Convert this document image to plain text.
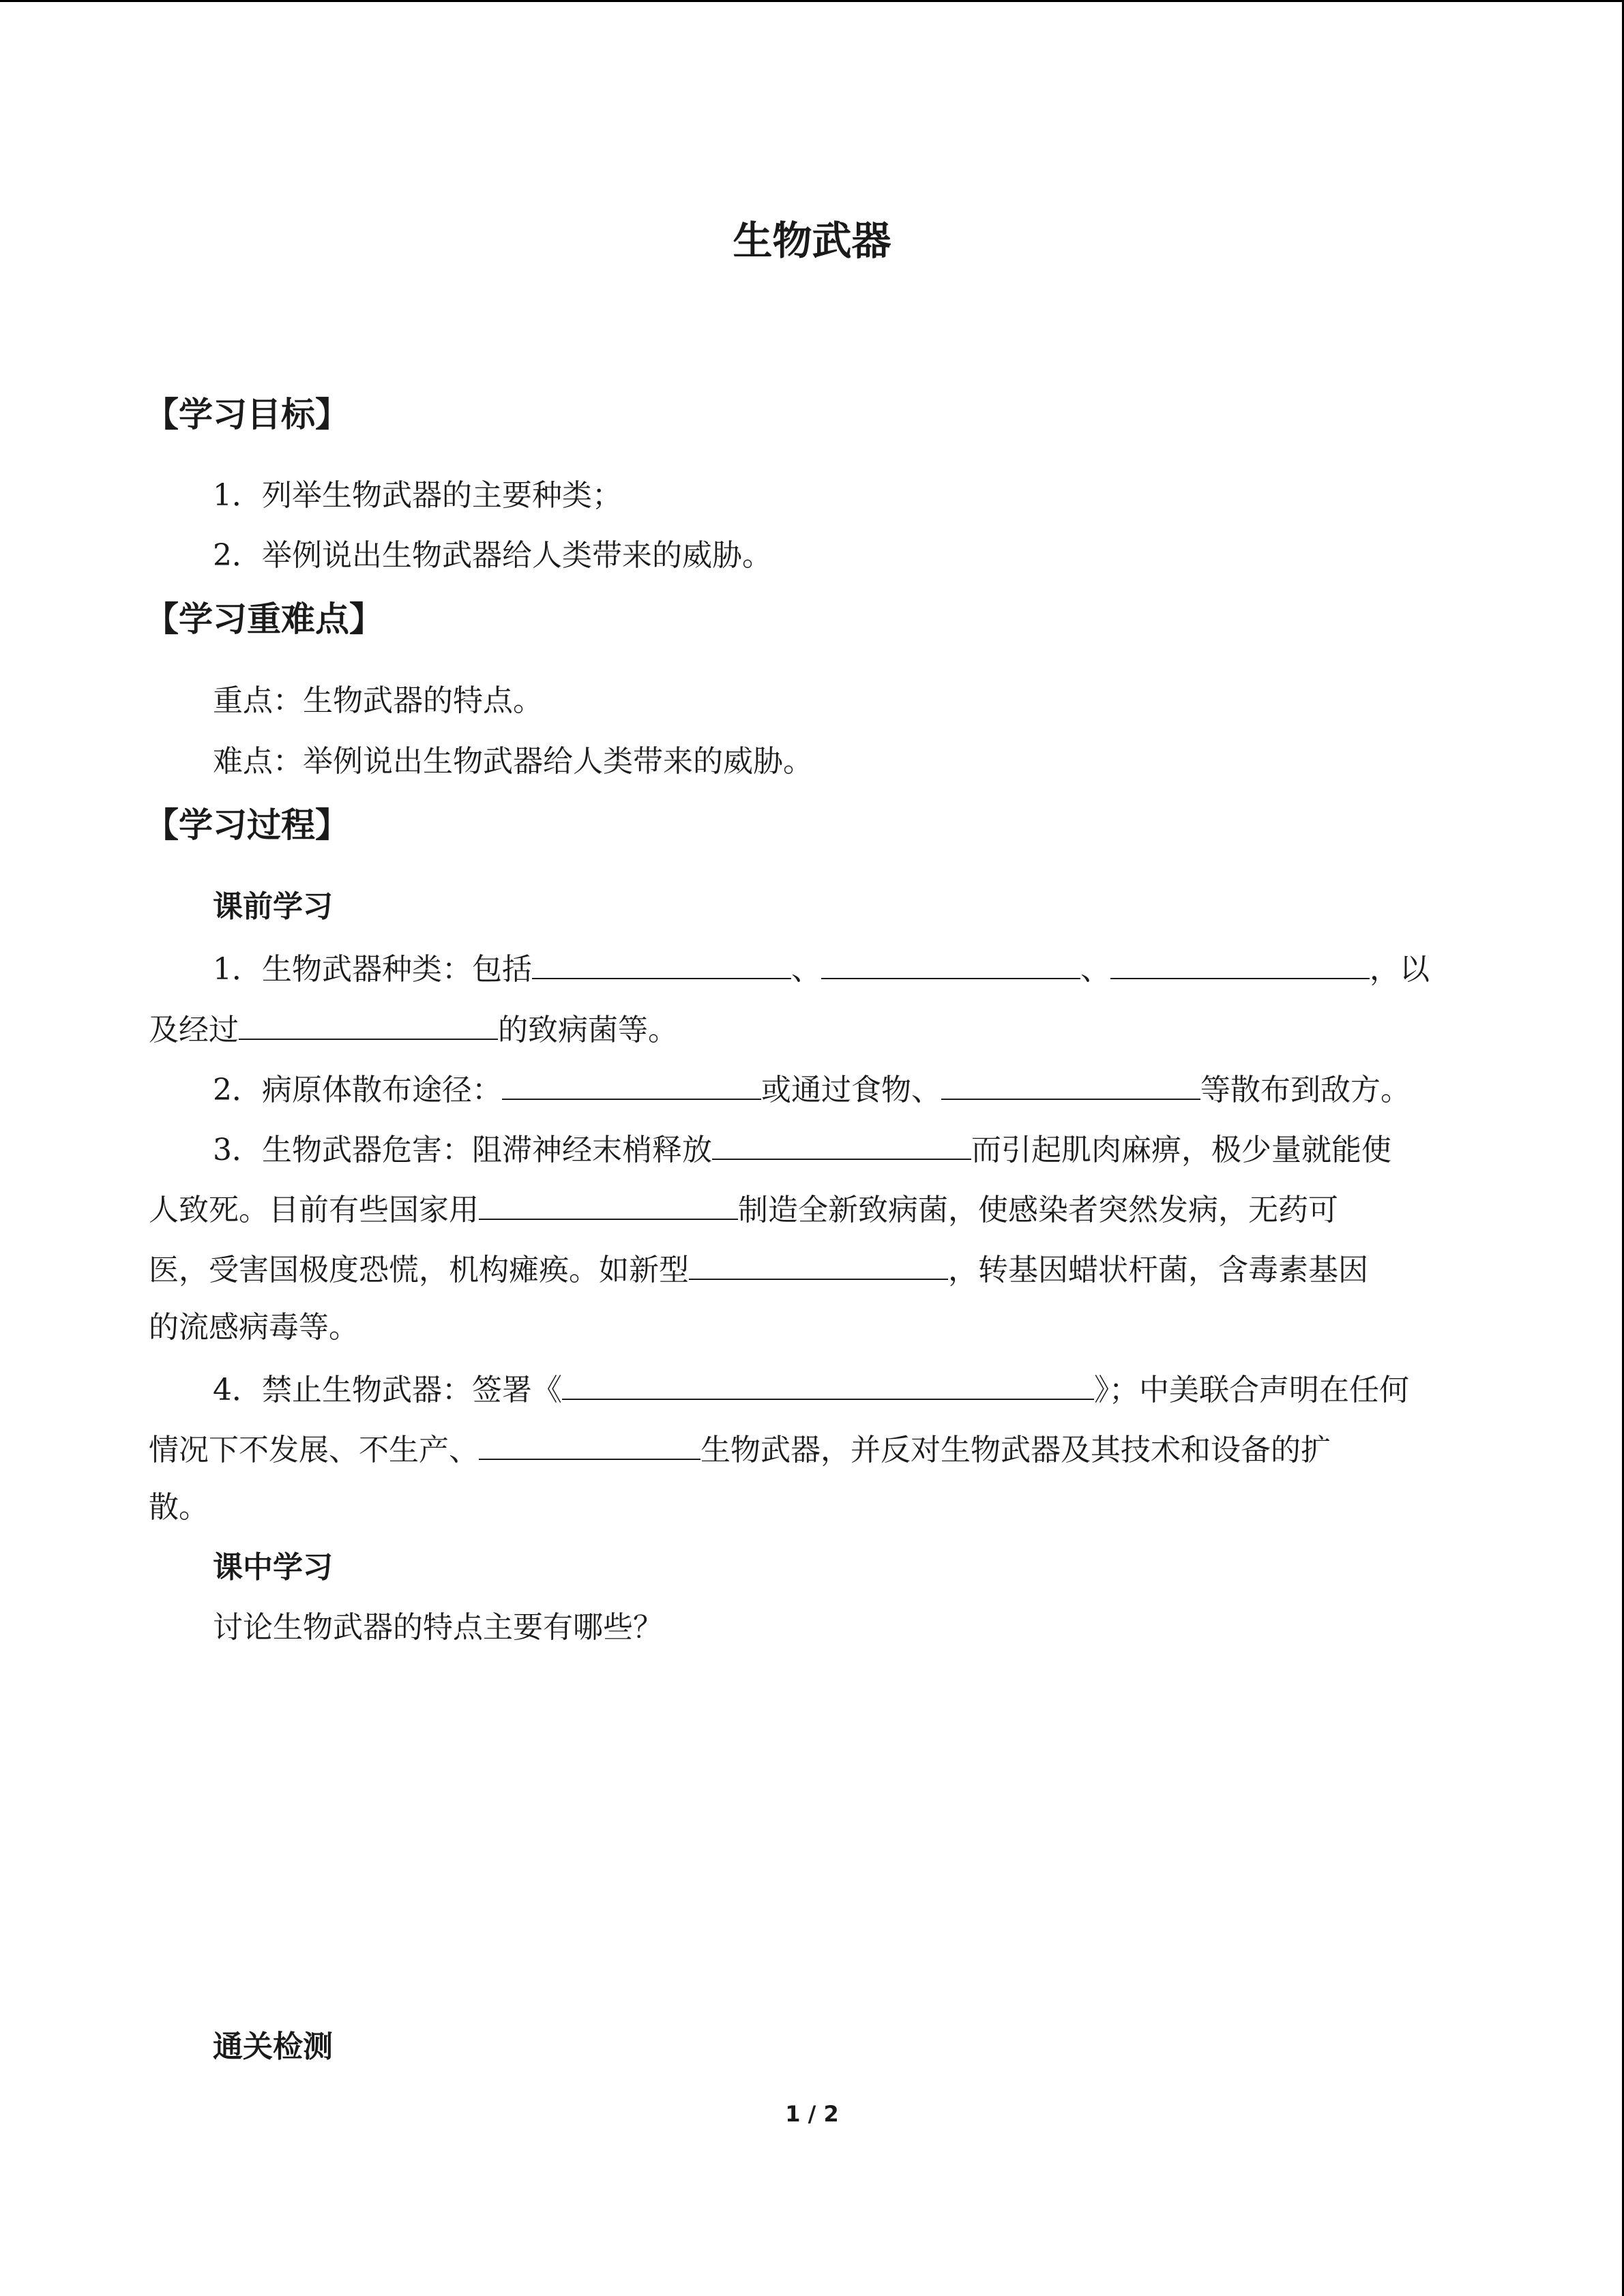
生物武器
【学习目标】
1．列举生物武器的主要种类；
2．举例说出生物武器给人类带来的威胁。
【学习重难点】
重点：生物武器的特点。
难点：举例说出生物武器给人类带来的威胁。
【学习过程】
课前学习
1．生物武器种类：包括	、	、	，以
及经过	的致病菌等。
2．病原体散布途径：	或通过食物、	等散布到敌方。
3．生物武器危害：阻滞神经末梢释放	而引起肌肉麻痹，极少量就能使
人致死。目前有些国家用	制造全新致病菌，使感染者突然发病，无药可
医，受害国极度恐慌，机构瘫痪。如新型	，转基因蜡状杆菌，含毒素基因
的流感病毒等。
4．禁止生物武器：签署《	》；中美联合声明在任何
情况下不发展、不生产、	生物武器，并反对生物武器及其技术和设备的扩
散。
课中学习
讨论生物武器的特点主要有哪些？
通关检测
1 / 2
